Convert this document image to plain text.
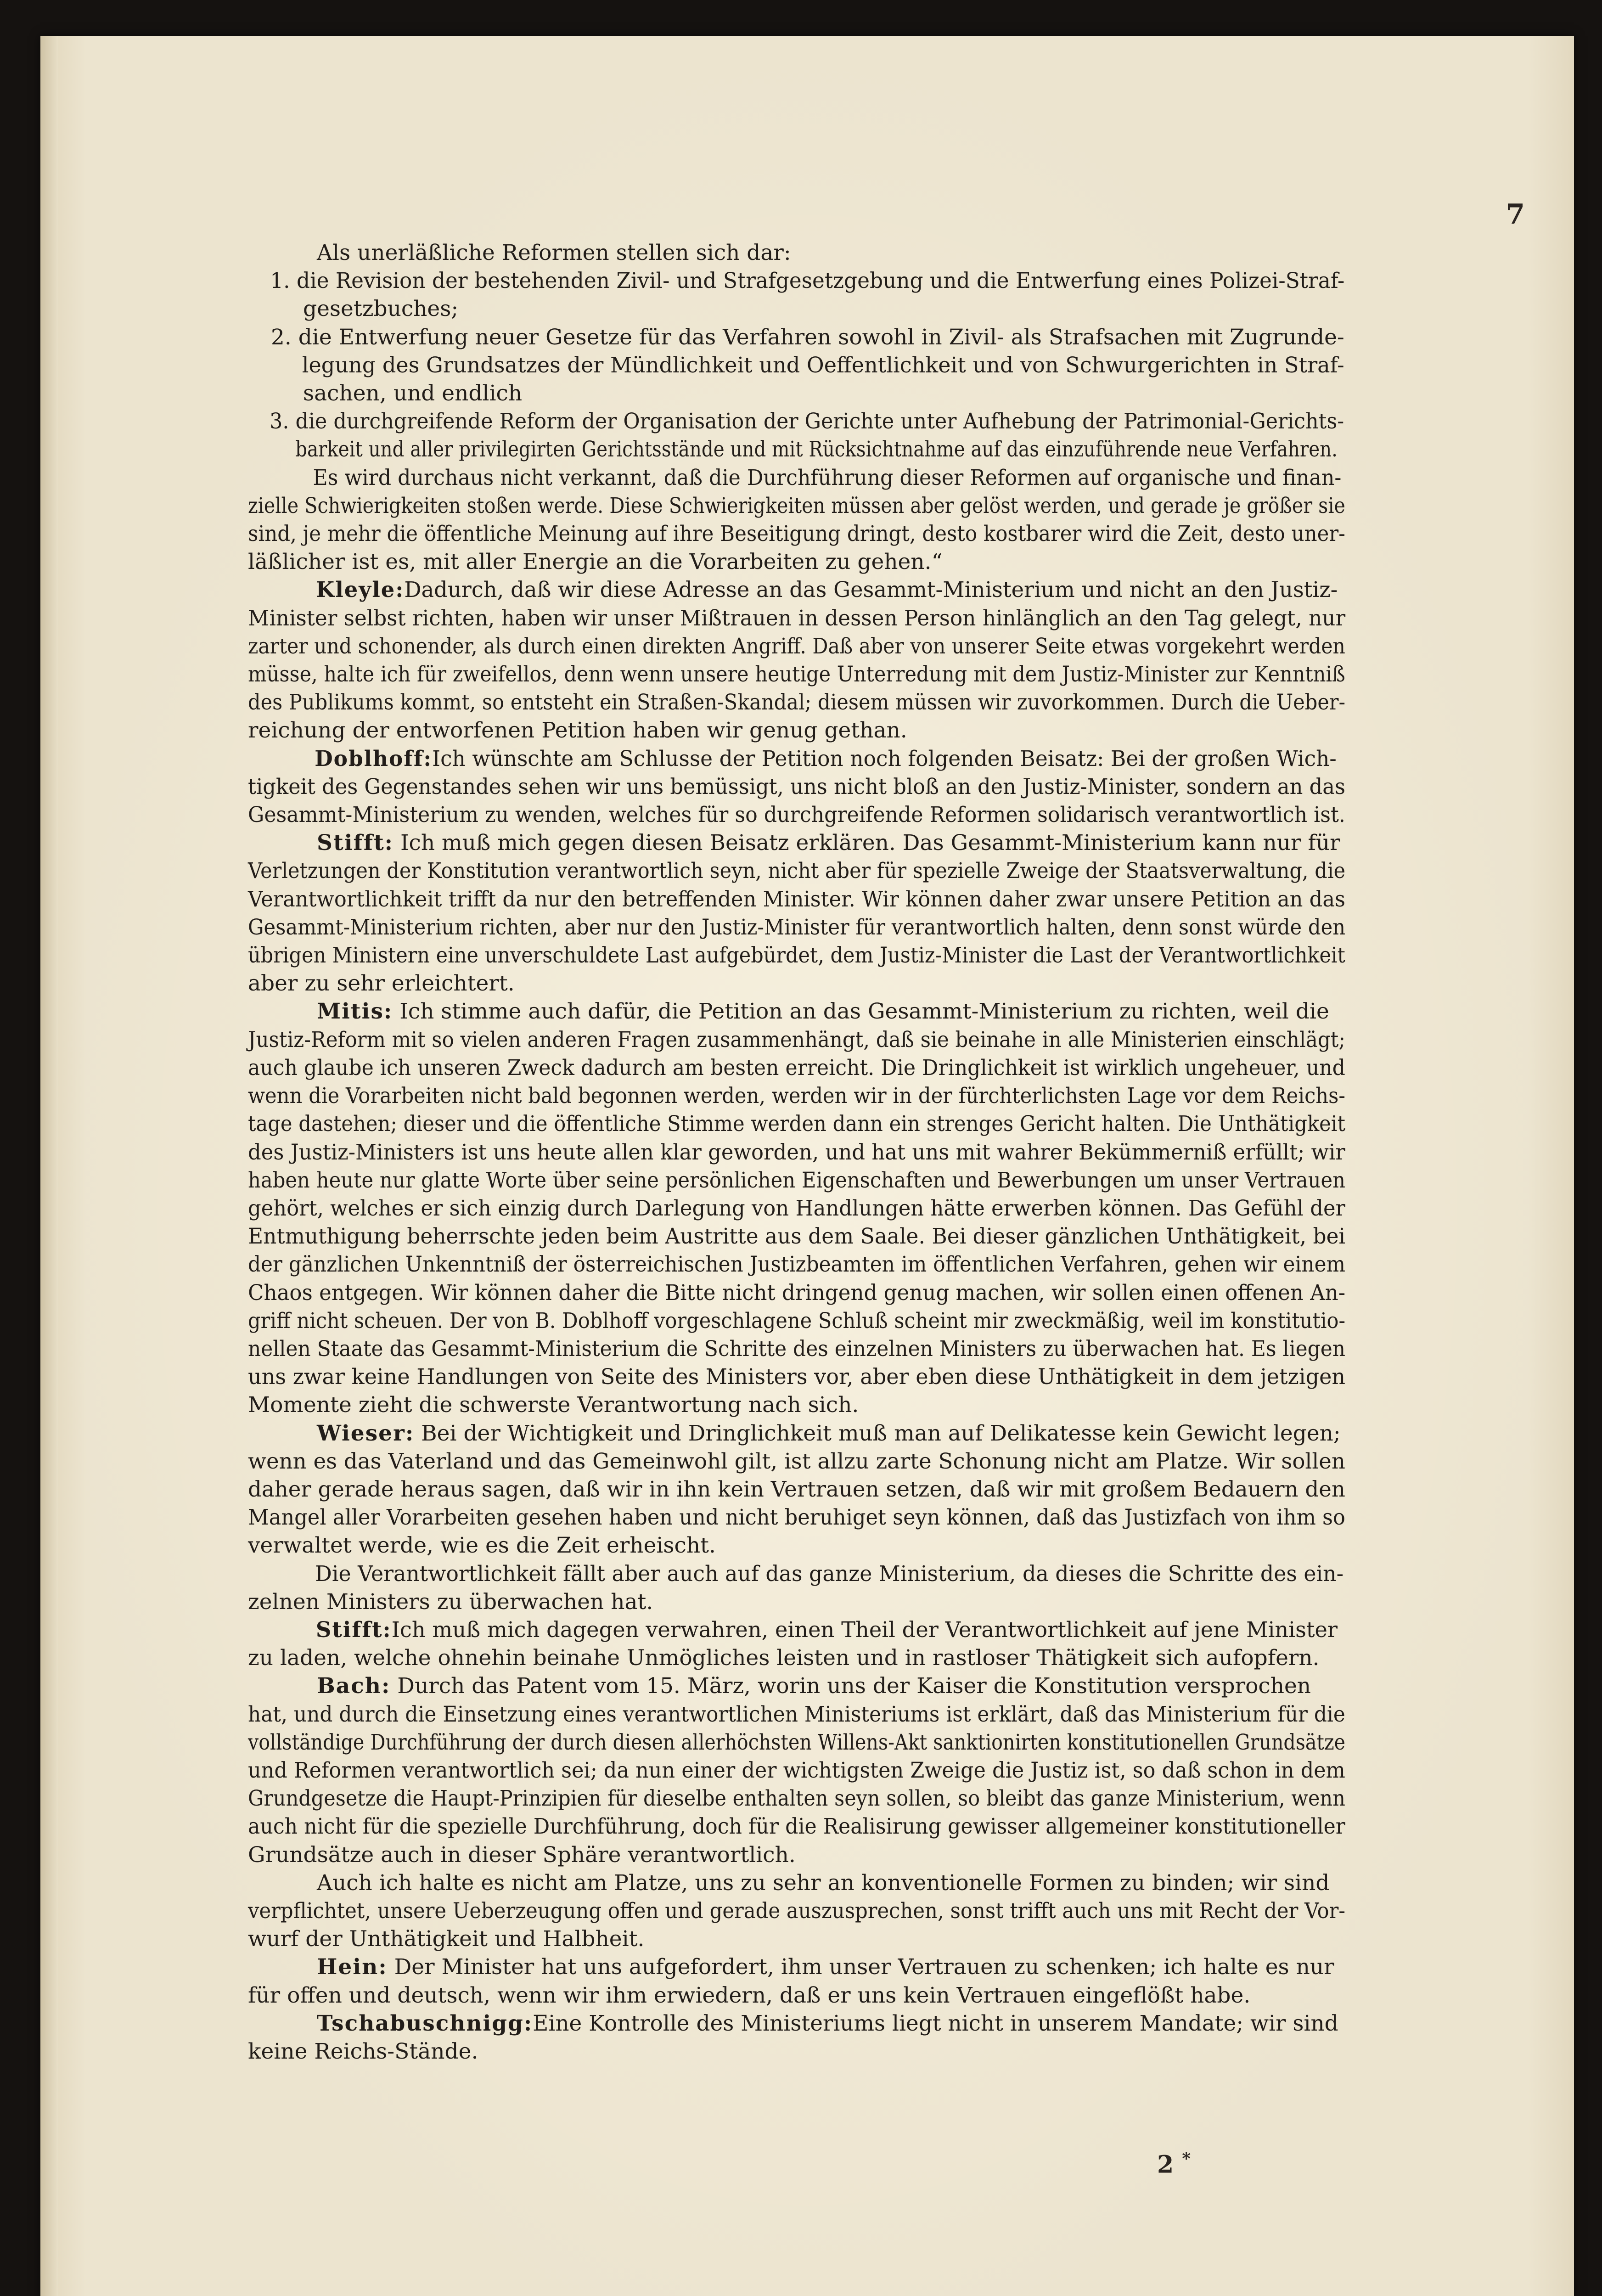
7
Als unerläßliche Reformen stellen sich dar:
1. die Revision der bestehenden Zivil- und Strafgesetzgebung und die Entwerfung eines Polizei-Straf-
gesetzbuches;
2. die Entwerfung neuer Gesetze für das Verfahren sowohl in Zivil- als Strafsachen mit Zugrunde-
legung des Grundsatzes der Mündlichkeit und Oeffentlichkeit und von Schwurgerichten in Straf-
sachen, und endlich
3. die durchgreifende Reform der Organisation der Gerichte unter Aufhebung der Patrimonial-Gerichts-
barkeit und aller privilegirten Gerichtsstände und mit Rücksichtnahme auf das einzuführende neue Verfahren.
Es wird durchaus nicht verkannt, daß die Durchführung dieser Reformen auf organische und finan-
zielle Schwierigkeiten stoßen werde. Diese Schwierigkeiten müssen aber gelöst werden, und gerade je größer sie
sind, je mehr die öffentliche Meinung auf ihre Beseitigung dringt, desto kostbarer wird die Zeit, desto uner-
läßlicher ist es, mit aller Energie an die Vorarbeiten zu gehen.“
Kleyle:Dadurch, daß wir diese Adresse an das Gesammt-Ministerium und nicht an den Justiz-
Minister selbst richten, haben wir unser Mißtrauen in dessen Person hinlänglich an den Tag gelegt, nur
zarter und schonender, als durch einen direkten Angriff. Daß aber von unserer Seite etwas vorgekehrt werden
müsse, halte ich für zweifellos, denn wenn unsere heutige Unterredung mit dem Justiz-Minister zur Kenntniß
des Publikums kommt, so entsteht ein Straßen-Skandal; diesem müssen wir zuvorkommen. Durch die Ueber-
reichung der entworfenen Petition haben wir genug gethan.
Doblhoff:Ich wünschte am Schlusse der Petition noch folgenden Beisatz: Bei der großen Wich-
tigkeit des Gegenstandes sehen wir uns bemüssigt, uns nicht bloß an den Justiz-Minister, sondern an das
Gesammt-Ministerium zu wenden, welches für so durchgreifende Reformen solidarisch verantwortlich ist.
Stifft: Ich muß mich gegen diesen Beisatz erklären. Das Gesammt-Ministerium kann nur für
Verletzungen der Konstitution verantwortlich seyn, nicht aber für spezielle Zweige der Staatsverwaltung, die
Verantwortlichkeit trifft da nur den betreffenden Minister. Wir können daher zwar unsere Petition an das
Gesammt-Ministerium richten, aber nur den Justiz-Minister für verantwortlich halten, denn sonst würde den
übrigen Ministern eine unverschuldete Last aufgebürdet, dem Justiz-Minister die Last der Verantwortlichkeit
aber zu sehr erleichtert.
Mitis: Ich stimme auch dafür, die Petition an das Gesammt-Ministerium zu richten, weil die
Justiz-Reform mit so vielen anderen Fragen zusammenhängt, daß sie beinahe in alle Ministerien einschlägt;
auch glaube ich unseren Zweck dadurch am besten erreicht. Die Dringlichkeit ist wirklich ungeheuer, und
wenn die Vorarbeiten nicht bald begonnen werden, werden wir in der fürchterlichsten Lage vor dem Reichs-
tage dastehen; dieser und die öffentliche Stimme werden dann ein strenges Gericht halten. Die Unthätigkeit
des Justiz-Ministers ist uns heute allen klar geworden, und hat uns mit wahrer Bekümmerniß erfüllt; wir
haben heute nur glatte Worte über seine persönlichen Eigenschaften und Bewerbungen um unser Vertrauen
gehört, welches er sich einzig durch Darlegung von Handlungen hätte erwerben können. Das Gefühl der
Entmuthigung beherrschte jeden beim Austritte aus dem Saale. Bei dieser gänzlichen Unthätigkeit, bei
der gänzlichen Unkenntniß der österreichischen Justizbeamten im öffentlichen Verfahren, gehen wir einem
Chaos entgegen. Wir können daher die Bitte nicht dringend genug machen, wir sollen einen offenen An-
griff nicht scheuen. Der von B. Doblhoff vorgeschlagene Schluß scheint mir zweckmäßig, weil im konstitutio-
nellen Staate das Gesammt-Ministerium die Schritte des einzelnen Ministers zu überwachen hat. Es liegen
uns zwar keine Handlungen von Seite des Ministers vor, aber eben diese Unthätigkeit in dem jetzigen
Momente zieht die schwerste Verantwortung nach sich.
Wieser: Bei der Wichtigkeit und Dringlichkeit muß man auf Delikatesse kein Gewicht legen;
wenn es das Vaterland und das Gemeinwohl gilt, ist allzu zarte Schonung nicht am Platze. Wir sollen
daher gerade heraus sagen, daß wir in ihn kein Vertrauen setzen, daß wir mit großem Bedauern den
Mangel aller Vorarbeiten gesehen haben und nicht beruhiget seyn können, daß das Justizfach von ihm so
verwaltet werde, wie es die Zeit erheischt.
Die Verantwortlichkeit fällt aber auch auf das ganze Ministerium, da dieses die Schritte des ein-
zelnen Ministers zu überwachen hat.
Stifft:Ich muß mich dagegen verwahren, einen Theil der Verantwortlichkeit auf jene Minister
zu laden, welche ohnehin beinahe Unmögliches leisten und in rastloser Thätigkeit sich aufopfern.
Bach: Durch das Patent vom 15. März, worin uns der Kaiser die Konstitution versprochen
hat, und durch die Einsetzung eines verantwortlichen Ministeriums ist erklärt, daß das Ministerium für die
vollständige Durchführung der durch diesen allerhöchsten Willens-Akt sanktionirten konstitutionellen Grundsätze
und Reformen verantwortlich sei; da nun einer der wichtigsten Zweige die Justiz ist, so daß schon in dem
Grundgesetze die Haupt-Prinzipien für dieselbe enthalten seyn sollen, so bleibt das ganze Ministerium, wenn
auch nicht für die spezielle Durchführung, doch für die Realisirung gewisser allgemeiner konstitutioneller
Grundsätze auch in dieser Sphäre verantwortlich.
Auch ich halte es nicht am Platze, uns zu sehr an konventionelle Formen zu binden; wir sind
verpflichtet, unsere Ueberzeugung offen und gerade auszusprechen, sonst trifft auch uns mit Recht der Vor-
wurf der Unthätigkeit und Halbheit.
Hein: Der Minister hat uns aufgefordert, ihm unser Vertrauen zu schenken; ich halte es nur
für offen und deutsch, wenn wir ihm erwiedern, daß er uns kein Vertrauen eingeflößt habe.
Tschabuschnigg:Eine Kontrolle des Ministeriums liegt nicht in unserem Mandate; wir sind
keine Reichs-Stände.
2 *
